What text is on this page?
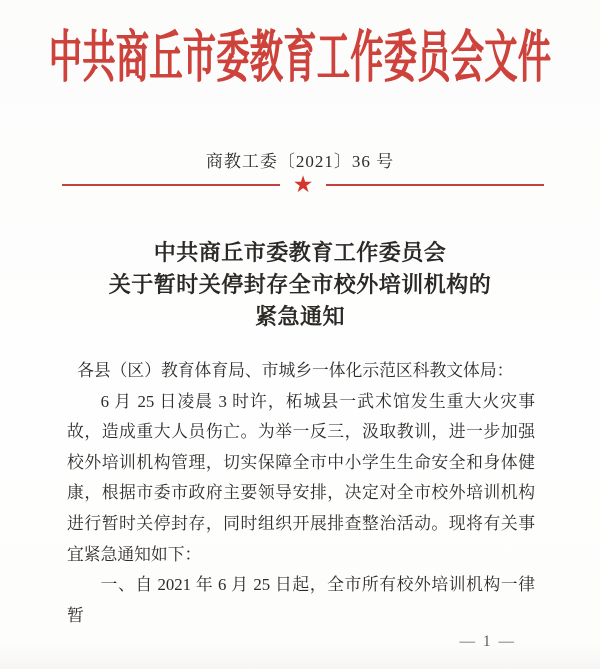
中共商丘市委教育工作委员会文件
商教工委〔2021〕36 号
★
中共商丘市委教育工作委员会
关于暂时关停封存全市校外培训机构的
紧急通知
各县（区）教育体育局、市城乡一体化示范区科教文体局：
6 月 25 日凌晨 3 时许，柘城县一武术馆发生重大火灾事故，造成重大人员伤亡。为举一反三，汲取教训，进一步加强校外培训机构管理，切实保障全市中小学生生命安全和身体健康，根据市委市政府主要领导安排，决定对全市校外培训机构进行暂时关停封存，同时组织开展排查整治活动。现将有关事宜紧急通知如下：
一、自 2021 年 6 月 25 日起，全市所有校外培训机构一律暂
— 1 —
